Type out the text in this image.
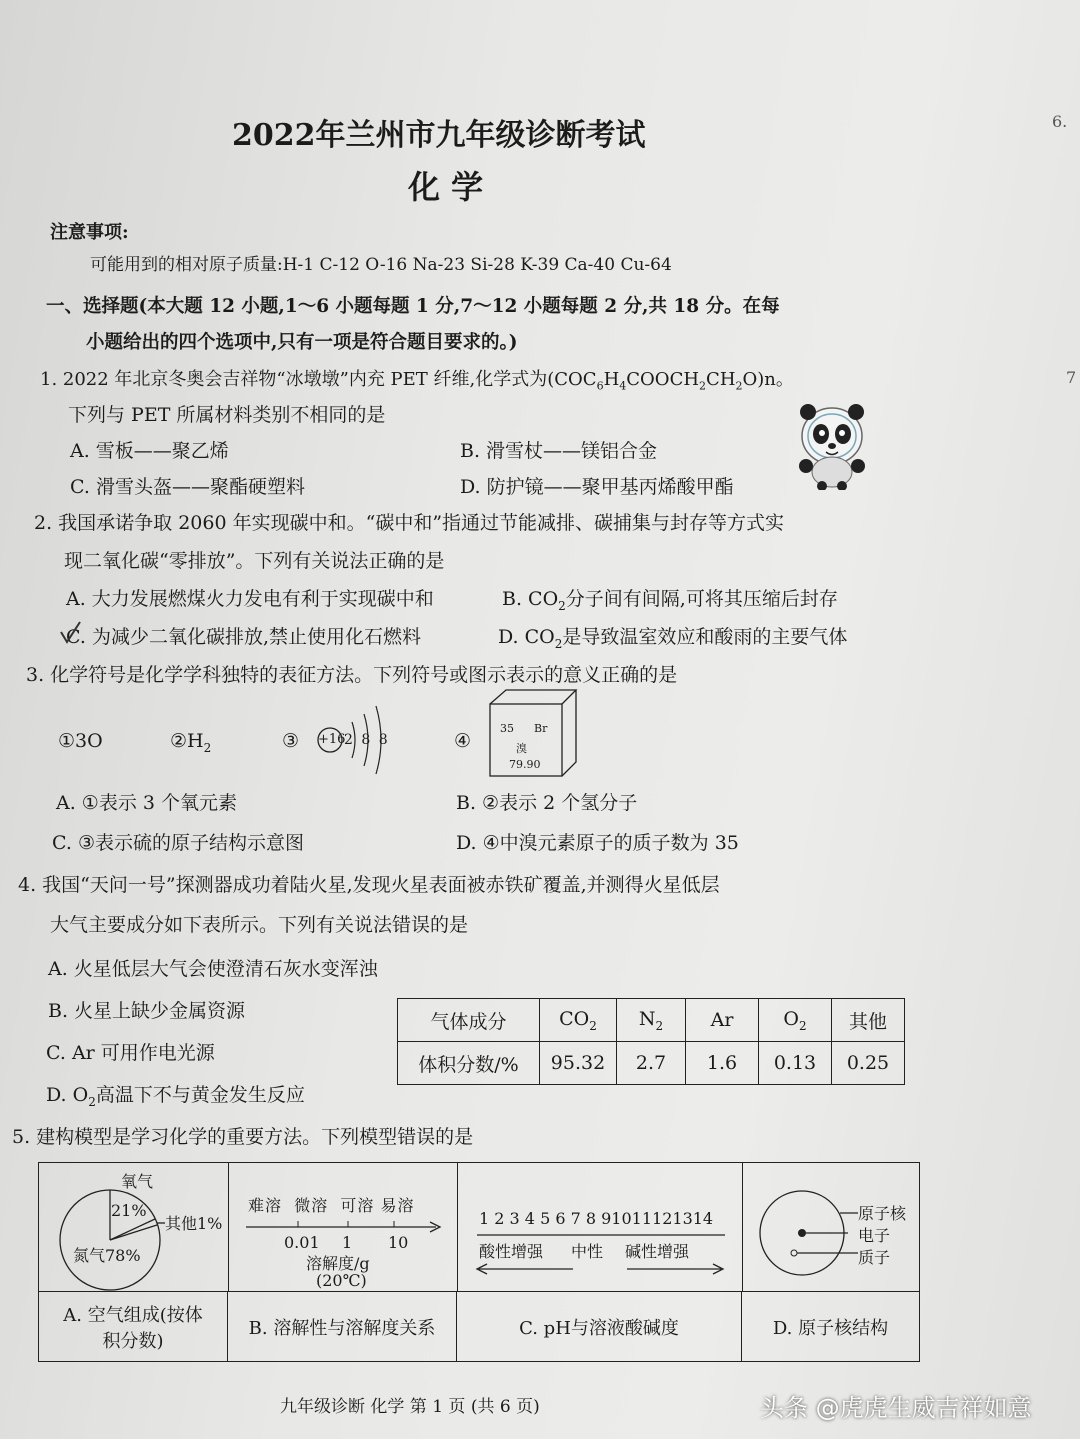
2022年兰州市九年级诊断考试
化 学
6.
7
注意事项:
可能用到的相对原子质量:H-1 C-12 O-16 Na-23 Si-28 K-39 Ca-40 Cu-64
一、选择题(本大题 12 小题,1～6 小题每题 1 分,7～12 小题每题 2 分,共 18 分。在每
小题给出的四个选项中,只有一项是符合题目要求的。)
1. 2022 年北京冬奥会吉祥物“冰墩墩”内充 PET 纤维,化学式为$(COC_6H_4COOCH_2CH_2O)n$。
下列与 PET 所属材料类别不相同的是
A. 雪板——聚乙烯	B. 滑雪杖——镁铝合金
C. 滑雪头盔——聚酯硬塑料	D. 防护镜——聚甲基丙烯酸甲酯
2. 我国承诺争取 2060 年实现碳中和。“碳中和”指通过节能减排、碳捕集与封存等方式实
现二氧化碳“零排放”。下列有关说法正确的是
A. 大力发展燃煤火力发电有利于实现碳中和	B. $CO_2$分子间有间隔,可将其压缩后封存
C. 为减少二氧化碳排放,禁止使用化石燃料	D. $CO_2$是导致温室效应和酸雨的主要气体
3. 化学符号是化学学科独特的表征方法。下列符号或图示表示的意义正确的是
①3O	$②H_2$	③ +16
2 8 8	④
35 Br
溴
79.90
A. ①表示 3 个氧元素	B. ②表示 2 个氢分子
C. ③表示硫的原子结构示意图	D. ④中溴元素原子的质子数为 35
4. 我国“天问一号”探测器成功着陆火星,发现火星表面被赤铁矿覆盖,并测得火星低层
大气主要成分如下表所示。下列有关说法错误的是
A. 火星低层大气会使澄清石灰水变浑浊
B. 火星上缺少金属资源
C. Ar 可用作电光源
D. $O_2$高温下不与黄金发生反应
气体成分	$CO_2$	$N_2$	Ar	$O_2$	其他
体积分数/%	95.32	2.7	1.6	0.13	0.25
5. 建构模型是学习化学的重要方法。下列模型错误的是
氧气
21%
其他1%
氮气78%
难溶 微溶 可溶 易溶
0.01 1 10
溶解度/g
(20℃)
1 2 3 4 5 6 7 8 91011121314
酸性增强 中性 碱性增强
原子核
电子
质子
A. 空气组成(按体
积分数)
B. 溶解性与溶解度关系	C. pH与溶液酸碱度	D. 原子核结构
九年级诊断 化学 第 1 页 (共 6 页)	头条 @虎虎生威吉祥如意
